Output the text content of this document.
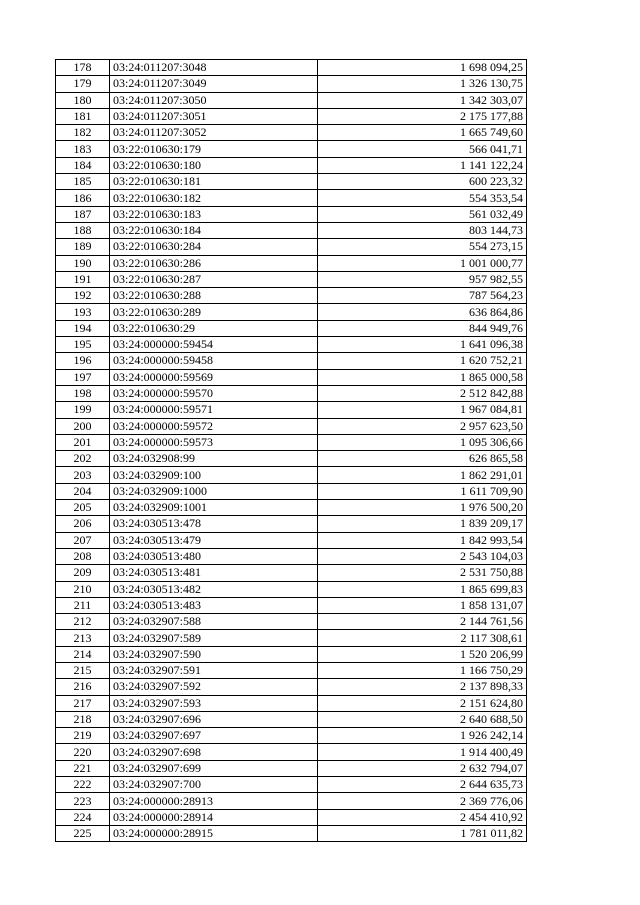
178	03:24:011207:3048	1 698 094,25
179	03:24:011207:3049	1 326 130,75
180	03:24:011207:3050	1 342 303,07
181	03:24:011207:3051	2 175 177,88
182	03:24:011207:3052	1 665 749,60
183	03:22:010630:179	566 041,71
184	03:22:010630:180	1 141 122,24
185	03:22:010630:181	600 223,32
186	03:22:010630:182	554 353,54
187	03:22:010630:183	561 032,49
188	03:22:010630:184	803 144,73
189	03:22:010630:284	554 273,15
190	03:22:010630:286	1 001 000,77
191	03:22:010630:287	957 982,55
192	03:22:010630:288	787 564,23
193	03:22:010630:289	636 864,86
194	03:22:010630:29	844 949,76
195	03:24:000000:59454	1 641 096,38
196	03:24:000000:59458	1 620 752,21
197	03:24:000000:59569	1 865 000,58
198	03:24:000000:59570	2 512 842,88
199	03:24:000000:59571	1 967 084,81
200	03:24:000000:59572	2 957 623,50
201	03:24:000000:59573	1 095 306,66
202	03:24:032908:99	626 865,58
203	03:24:032909:100	1 862 291,01
204	03:24:032909:1000	1 611 709,90
205	03:24:032909:1001	1 976 500,20
206	03:24:030513:478	1 839 209,17
207	03:24:030513:479	1 842 993,54
208	03:24:030513:480	2 543 104,03
209	03:24:030513:481	2 531 750,88
210	03:24:030513:482	1 865 699,83
211	03:24:030513:483	1 858 131,07
212	03:24:032907:588	2 144 761,56
213	03:24:032907:589	2 117 308,61
214	03:24:032907:590	1 520 206,99
215	03:24:032907:591	1 166 750,29
216	03:24:032907:592	2 137 898,33
217	03:24:032907:593	2 151 624,80
218	03:24:032907:696	2 640 688,50
219	03:24:032907:697	1 926 242,14
220	03:24:032907:698	1 914 400,49
221	03:24:032907:699	2 632 794,07
222	03:24:032907:700	2 644 635,73
223	03:24:000000:28913	2 369 776,06
224	03:24:000000:28914	2 454 410,92
225	03:24:000000:28915	1 781 011,82
